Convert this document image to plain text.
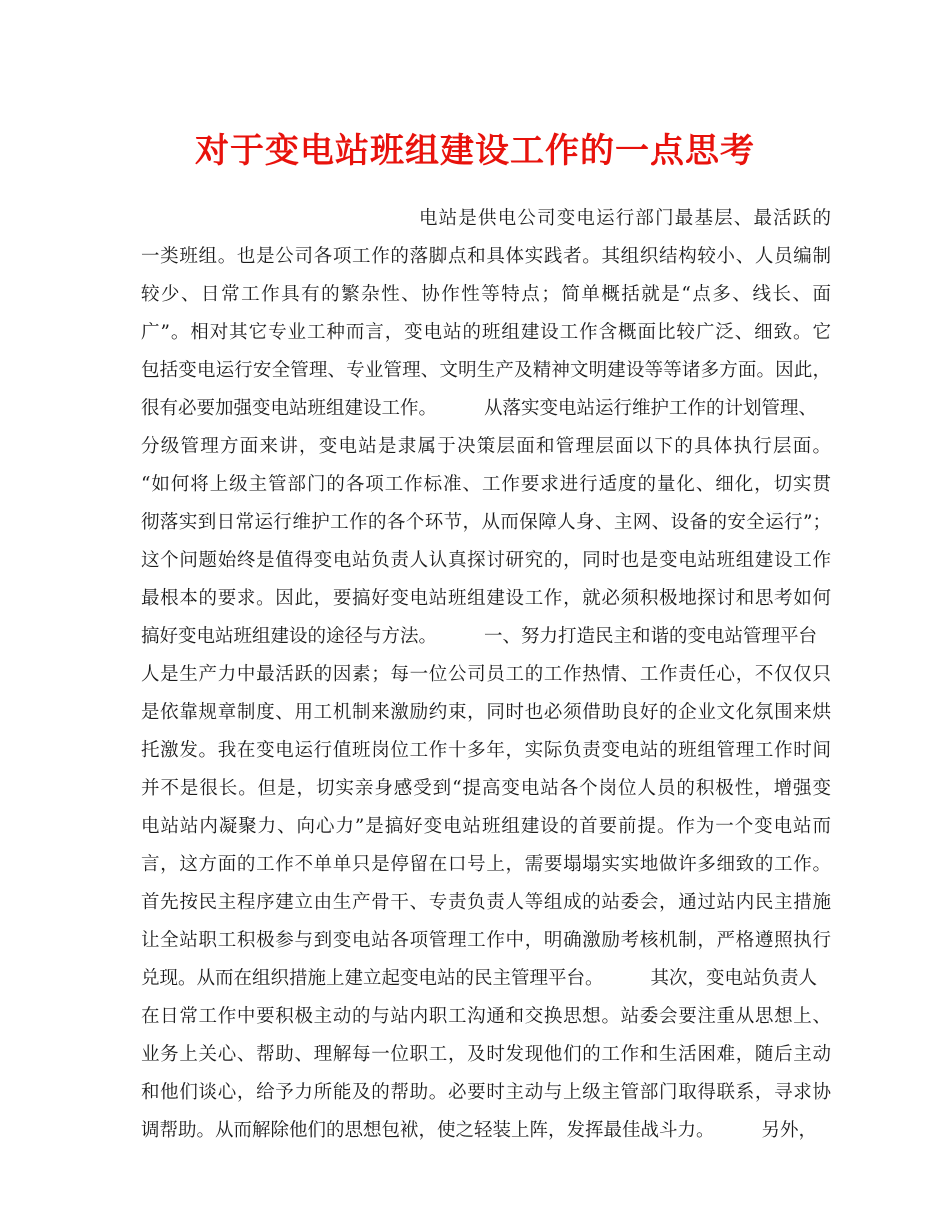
对于变电站班组建设工作的一点思考
电站是供电公司变电运行部门最基层、最活跃的
一类班组。也是公司各项工作的落脚点和具体实践者。其组织结构较小、人员编制
较少、日常工作具有的繁杂性、协作性等特点；简单概括就是“点多、线长、面
广”。相对其它专业工种而言，变电站的班组建设工作含概面比较广泛、细致。它
包括变电运行安全管理、专业管理、文明生产及精神文明建设等等诸多方面。因此，
很有必要加强变电站班组建设工作。        从落实变电站运行维护工作的计划管理、
分级管理方面来讲，变电站是隶属于决策层面和管理层面以下的具体执行层面。
“如何将上级主管部门的各项工作标准、工作要求进行适度的量化、细化，切实贯
彻落实到日常运行维护工作的各个环节，从而保障人身、主网、设备的安全运行”；
这个问题始终是值得变电站负责人认真探讨研究的，同时也是变电站班组建设工作
最根本的要求。因此，要搞好变电站班组建设工作，就必须积极地探讨和思考如何
搞好变电站班组建设的途径与方法。        一、努力打造民主和谐的变电站管理平台
人是生产力中最活跃的因素；每一位公司员工的工作热情、工作责任心，不仅仅只
是依靠规章制度、用工机制来激励约束，同时也必须借助良好的企业文化氛围来烘
托激发。我在变电运行值班岗位工作十多年，实际负责变电站的班组管理工作时间
并不是很长。但是，切实亲身感受到“提高变电站各个岗位人员的积极性，增强变
电站站内凝聚力、向心力”是搞好变电站班组建设的首要前提。作为一个变电站而
言，这方面的工作不单单只是停留在口号上，需要塌塌实实地做许多细致的工作。
首先按民主程序建立由生产骨干、专责负责人等组成的站委会，通过站内民主措施
让全站职工积极参与到变电站各项管理工作中，明确激励考核机制，严格遵照执行
兑现。从而在组织措施上建立起变电站的民主管理平台。        其次，变电站负责人
在日常工作中要积极主动的与站内职工沟通和交换思想。站委会要注重从思想上、
业务上关心、帮助、理解每一位职工，及时发现他们的工作和生活困难，随后主动
和他们谈心，给予力所能及的帮助。必要时主动与上级主管部门取得联系，寻求协
调帮助。从而解除他们的思想包袱，使之轻装上阵，发挥最佳战斗力。        另外，
